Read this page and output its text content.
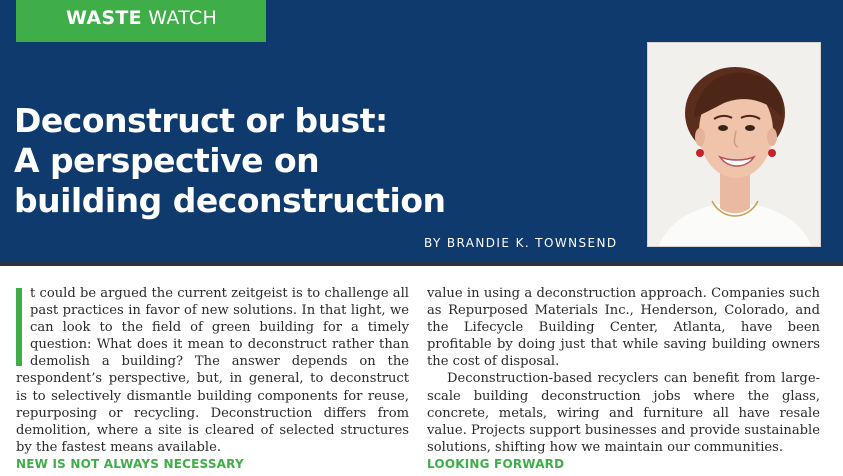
WASTE WATCH
Deconstruct or bust:
A perspective on
building deconstruction
BY BRANDIE K. TOWNSEND

t could be argued the current zeitgeist is to challenge all past practices in favor of new solutions. In that light, we can look to the field of green building for a timely question: What does it mean to deconstruct rather than demolish a building? The answer depends on the respondent’s perspective, but, in general, to deconstruct is to selectively dismantle building components for reuse, repurposing or recycling. Deconstruction differs from demolition, where a site is cleared of selected structures by the fastest means available.

value in using a deconstruction approach. Companies such as Repurposed Materials Inc., Henderson, Colorado, and the Lifecycle Building Center, Atlanta, have been profitable by doing just that while saving building owners the cost of disposal.

Deconstruction-based recyclers can benefit from large-scale building deconstruction jobs where the glass, concrete, metals, wiring and furniture all have resale value. Projects support businesses and provide sustainable solutions, shifting how we maintain our communities.

NEW IS NOT ALWAYS NECESSARY	LOOKING FORWARD
